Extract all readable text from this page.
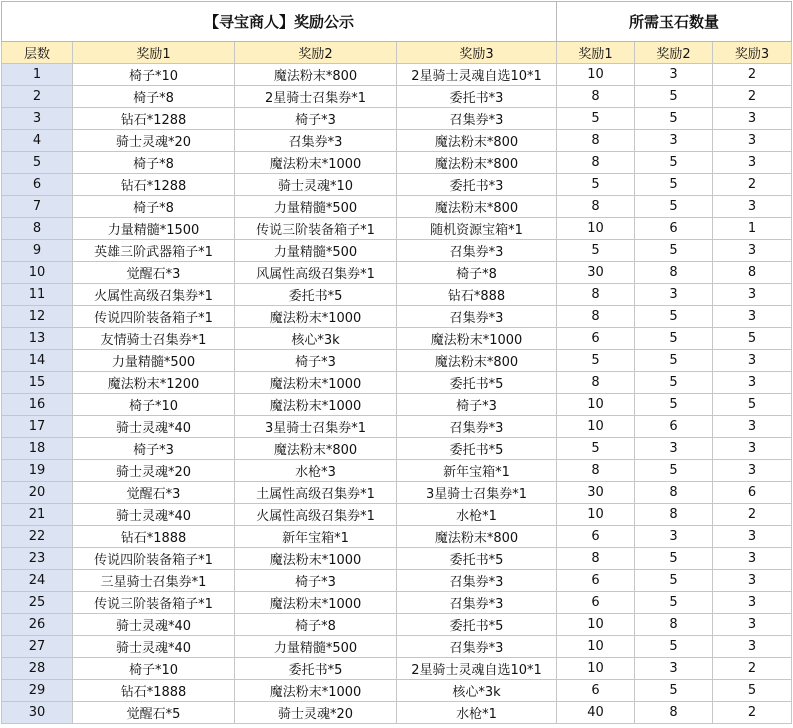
【寻宝商人】奖励公示				所需玉石数量		
层数	奖励1	奖励2	奖励3	奖励1	奖励2	奖励3
1	椅子*10	魔法粉末*800	2星骑士灵魂自选10*1	10	3	2
2	椅子*8	2星骑士召集券*1	委托书*3	8	5	2
3	钻石*1288	椅子*3	召集券*3	5	5	3
4	骑士灵魂*20	召集券*3	魔法粉末*800	8	3	3
5	椅子*8	魔法粉末*1000	魔法粉末*800	8	5	3
6	钻石*1288	骑士灵魂*10	委托书*3	5	5	2
7	椅子*8	力量精髓*500	魔法粉末*800	8	5	3
8	力量精髓*1500	传说三阶装备箱子*1	随机资源宝箱*1	10	6	1
9	英雄三阶武器箱子*1	力量精髓*500	召集券*3	5	5	3
10	觉醒石*3	风属性高级召集券*1	椅子*8	30	8	8
11	火属性高级召集券*1	委托书*5	钻石*888	8	3	3
12	传说四阶装备箱子*1	魔法粉末*1000	召集券*3	8	5	3
13	友情骑士召集券*1	核心*3k	魔法粉末*1000	6	5	5
14	力量精髓*500	椅子*3	魔法粉末*800	5	5	3
15	魔法粉末*1200	魔法粉末*1000	委托书*5	8	5	3
16	椅子*10	魔法粉末*1000	椅子*3	10	5	5
17	骑士灵魂*40	3星骑士召集券*1	召集券*3	10	6	3
18	椅子*3	魔法粉末*800	委托书*5	5	3	3
19	骑士灵魂*20	水枪*3	新年宝箱*1	8	5	3
20	觉醒石*3	土属性高级召集券*1	3星骑士召集券*1	30	8	6
21	骑士灵魂*40	火属性高级召集券*1	水枪*1	10	8	2
22	钻石*1888	新年宝箱*1	魔法粉末*800	6	3	3
23	传说四阶装备箱子*1	魔法粉末*1000	委托书*5	8	5	3
24	三星骑士召集券*1	椅子*3	召集券*3	6	5	3
25	传说三阶装备箱子*1	魔法粉末*1000	召集券*3	6	5	3
26	骑士灵魂*40	椅子*8	委托书*5	10	8	3
27	骑士灵魂*40	力量精髓*500	召集券*3	10	5	3
28	椅子*10	委托书*5	2星骑士灵魂自选10*1	10	3	2
29	钻石*1888	魔法粉末*1000	核心*3k	6	5	5
30	觉醒石*5	骑士灵魂*20	水枪*1	40	8	2
